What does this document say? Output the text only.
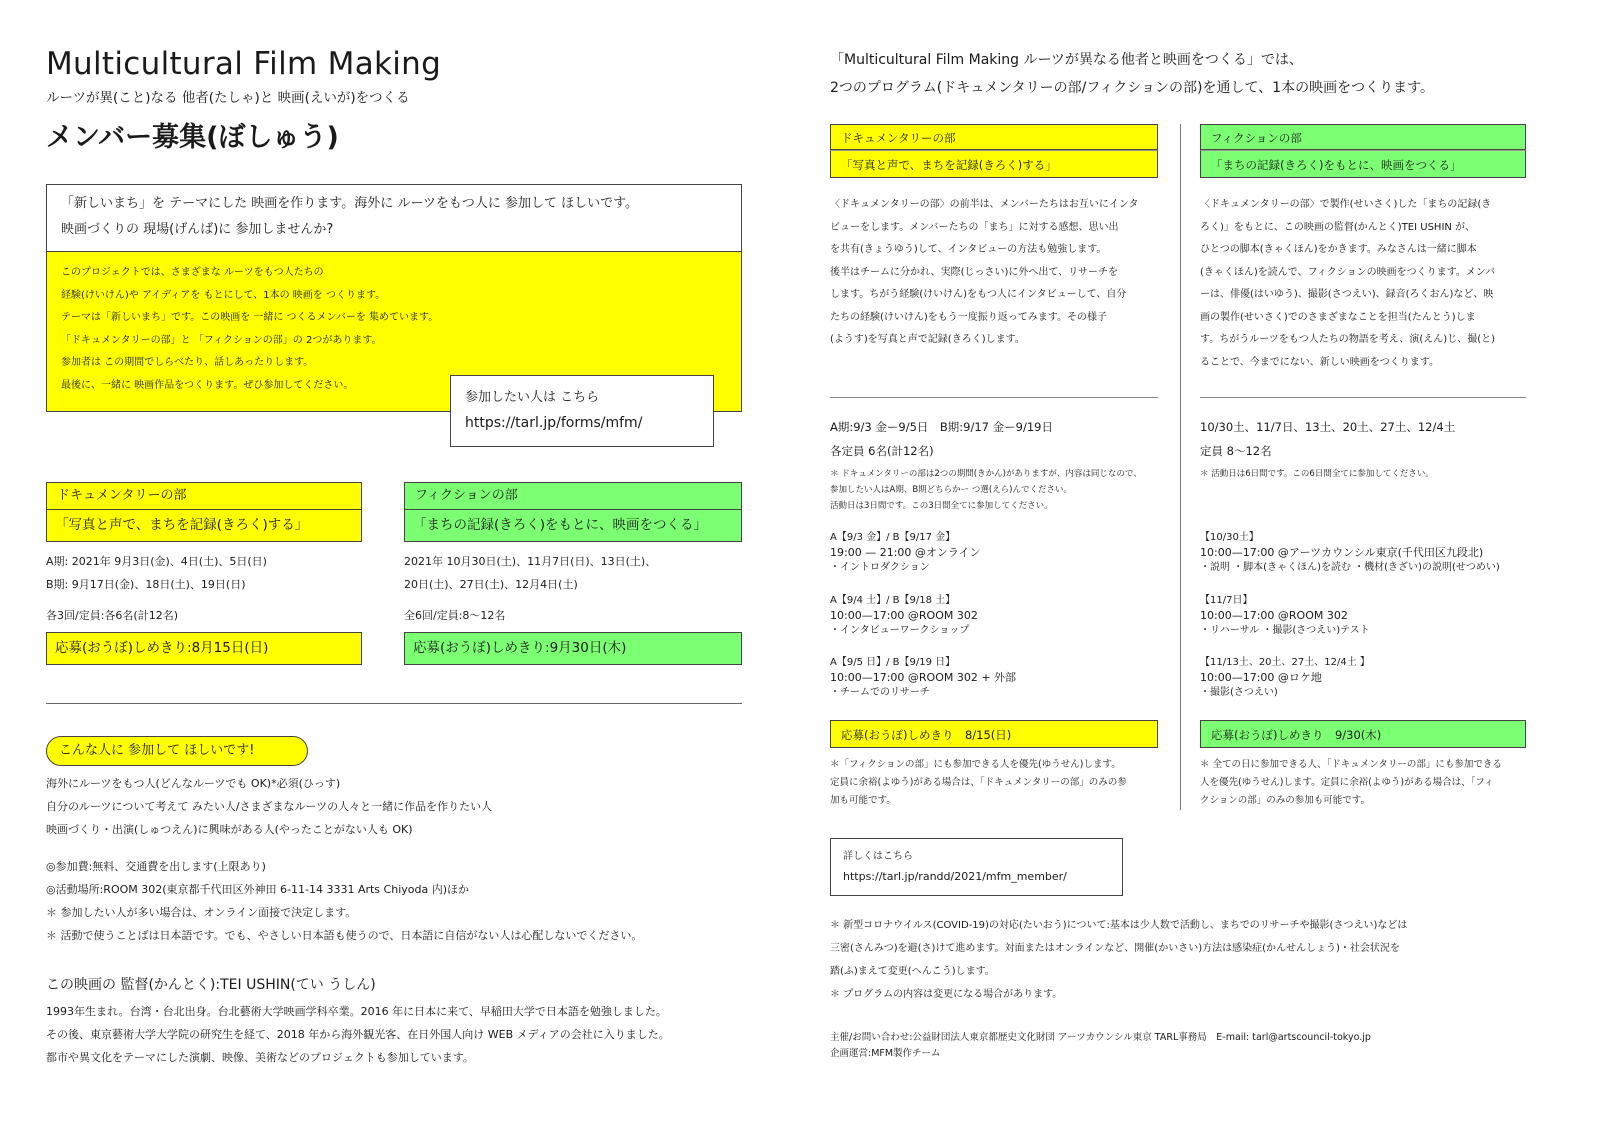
Multicultural Film Making
ルーツが異(こと)なる 他者(たしゃ)と 映画(えいが)をつくる
メンバー募集(ぼしゅう)
「新しいまち」を テーマにした 映画を作ります。海外に ルーツをもつ人に 参加して ほしいです。
映画づくりの 現場(げんば)に 参加しませんか?
このプロジェクトでは、さまざまな ルーツをもつ人たちの
経験(けいけん)や アイディアを もとにして、1本の 映画を つくります。
テーマは「新しいまち」です。この映画を 一緒に つくるメンバーを 集めています。
「ドキュメンタリーの部」と 「フィクションの部」の 2つがあります。
参加者は この期間でしらべたり、話しあったりします。
最後に、一緒に 映画作品をつくります。ぜひ参加してください。
参加したい人は こちら
https://tarl.jp/forms/mfm/
ドキュメンタリーの部
「写真と声で、まちを記録(きろく)する」
A期: 2021年 9月3日(金)、4日(土)、5日(日)
B期: 9月17日(金)、18日(土)、19日(日)
各3回/定員:各6名(計12名)
応募(おうぼ)しめきり:8月15日(日)
フィクションの部
「まちの記録(きろく)をもとに、映画をつくる」
2021年 10月30日(土)、11月7日(日)、13日(土)、
20日(土)、27日(土)、12月4日(土)
全6回/定員:8〜12名
応募(おうぼ)しめきり:9月30日(木)
こんな人に 参加して ほしいです!
海外にルーツをもつ人(どんなルーツでも OK)*必須(ひっす)
自分のルーツについて考えて みたい人/さまざまなルーツの人々と一緒に作品を作りたい人
映画づくり・出演(しゅつえん)に興味がある人(やったことがない人も OK)
◎参加費:無料、交通費を出します(上限あり)
◎活動場所:ROOM 302(東京都千代田区外神田 6-11-14 3331 Arts Chiyoda 内)ほか
＊ 参加したい人が多い場合は、オンライン面接で決定します。
＊ 活動で使うことばは日本語です。でも、やさしい日本語も使うので、日本語に自信がない人は心配しないでください。
この映画の 監督(かんとく):TEI USHIN(てい うしん)
1993年生まれ。台湾・台北出身。台北藝術大学映画学科卒業。2016 年に日本に来て、早稲田大学で日本語を勉強しました。
その後、東京藝術大学大学院の研究生を経て、2018 年から海外観光客、在日外国人向け WEB メディアの会社に入りました。
都市や異文化をテーマにした演劇、映像、美術などのプロジェクトも参加しています。
「Multicultural Film Making ルーツが異なる他者と映画をつくる」では、
2つのプログラム(ドキュメンタリーの部/フィクションの部)を通して、1本の映画をつくります。
ドキュメンタリーの部
「写真と声で、まちを記録(きろく)する」
〈ドキュメンタリーの部〉の前半は、メンバーたちはお互いにインタ
ビューをします。メンバーたちの「まち」に対する感想、思い出
を共有(きょうゆう)して、インタビューの方法も勉強します。
後半はチームに分かれ、実際(じっさい)に外へ出て、リサーチを
します。ちがう経験(けいけん)をもつ人にインタビューして、自分
たちの経験(けいけん)をもう一度振り返ってみます。その様子
(ようす)を写真と声で記録(きろく)します。
A期:9/3 金ー9/5日　B期:9/17 金ー9/19日
各定員 6名(計12名)
＊ ドキュメンタリーの部は2つの期間(きかん)がありますが、内容は同じなので、
参加したい人はA期、B期どちらかー つ選(えら)んでください。
活動日は3日間です。この3日間全てに参加してください。
A【9/3 金】/ B【9/17 金】
19:00 — 21:00 @オンライン
・イントロダクション
A【9/4 土】/ B【9/18 土】
10:00—17:00 @ROOM 302
・インタビューワークショップ
A【9/5 日】/ B【9/19 日】
10:00—17:00 @ROOM 302 + 外部
・チームでのリサーチ
応募(おうぼ)しめきり　8/15(日)
＊「フィクションの部」にも参加できる人を優先(ゆうせん)します。
定員に余裕(よゆう)がある場合は、「ドキュメンタリーの部」のみの参
加も可能です。
フィクションの部
「まちの記録(きろく)をもとに、映画をつくる」
〈ドキュメンタリーの部〉で製作(せいさく)した「まちの記録(き
ろく)」をもとに、この映画の監督(かんとく)TEI USHIN が、
ひとつの脚本(きゃくほん)をかきます。みなさんは一緒に脚本
(きゃくほん)を読んで、フィクションの映画をつくります。メンバ
ーは、俳優(はいゆう)、撮影(さつえい)、録音(ろくおん)など、映
画の製作(せいさく)でのさまざまなことを担当(たんとう)しま
す。ちがうルーツをもつ人たちの物語を考え、演(えん)じ、撮(と)
ることで、今までにない、新しい映画をつくります。
10/30土、11/7日、13土、20土、27土、12/4土
定員 8〜12名
＊ 活動日は6日間です。この6日間全てに参加してください。
【10/30土】
10:00—17:00 @アーツカウンシル東京(千代田区九段北)
・説明 ・脚本(きゃくほん)を読む ・機材(きざい)の説明(せつめい)
【11/7日】
10:00—17:00 @ROOM 302
・リハーサル ・撮影(さつえい)テスト
【11/13土、20土、27土、12/4土 】
10:00—17:00 @ロケ地
・撮影(さつえい)
応募(おうぼ)しめきり　9/30(木)
＊ 全ての日に参加できる人、「ドキュメンタリーの部」にも参加できる
人を優先(ゆうせん)します。定員に余裕(よゆう)がある場合は、「フィ
クションの部」のみの参加も可能です。
詳しくはこちら
https://tarl.jp/randd/2021/mfm_member/
＊ 新型コロナウイルス(COVID-19)の対応(たいおう)について:基本は少人数で活動し、まちでのリサーチや撮影(さつえい)などは
三密(さんみつ)を避(さ)けて進めます。対面またはオンラインなど、開催(かいさい)方法は感染症(かんせんしょう)・社会状況を
踏(ふ)まえて変更(へんこう)します。
＊ プログラムの内容は変更になる場合があります。
主催/お問い合わせ:公益財団法人東京都歴史文化財団 アーツカウンシル東京 TARL事務局　E-mail: tarl@artscouncil-tokyo.jp
企画運営:MFM製作チーム
